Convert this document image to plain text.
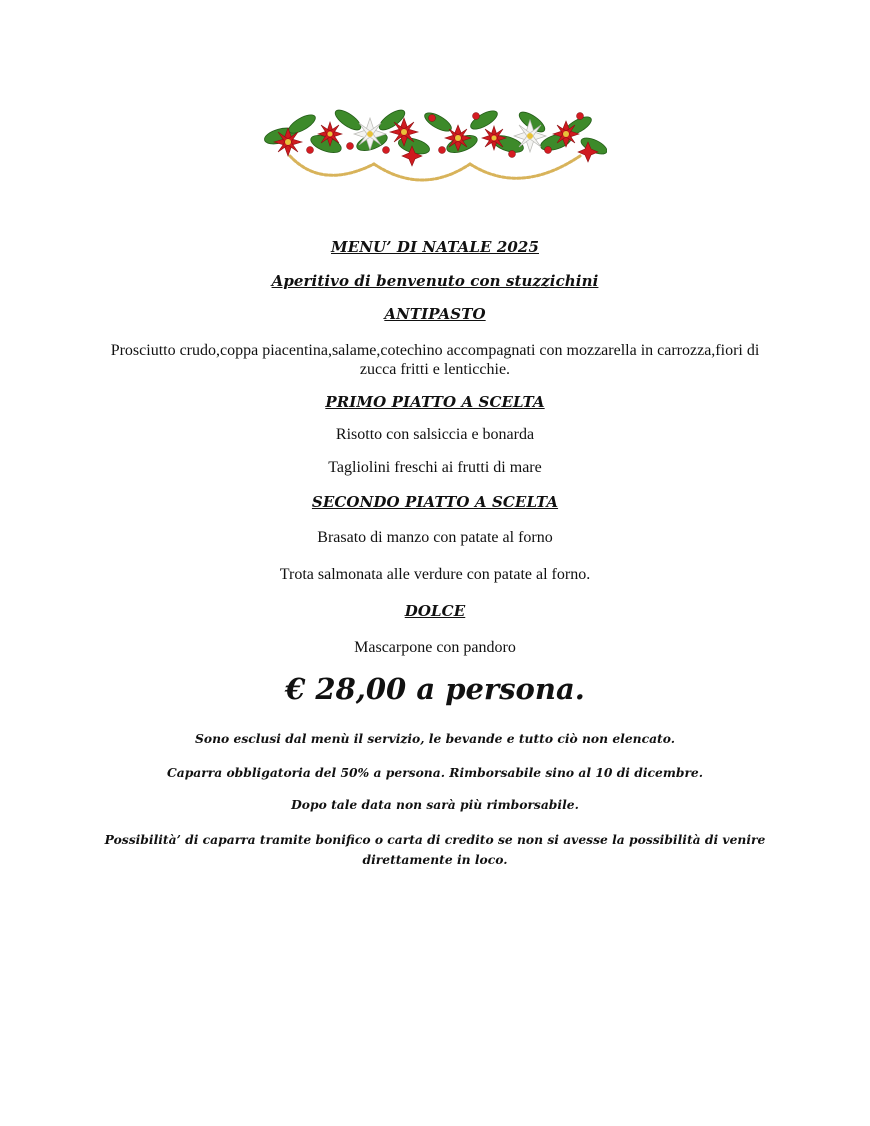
MENU’ DI NATALE 2025
Aperitivo di benvenuto con stuzzichini
ANTIPASTO
Prosciutto crudo,coppa piacentina,salame,cotechino accompagnati con mozzarella in carrozza,fiori di zucca fritti e lenticchie.
PRIMO PIATTO A SCELTA
Risotto con salsiccia e bonarda
Tagliolini freschi ai frutti di mare
SECONDO PIATTO A SCELTA
Brasato di manzo con patate al forno
Trota salmonata alle verdure con patate al forno.
DOLCE
Mascarpone con pandoro
€ 28,00 a persona.
Sono esclusi dal menù il servizio, le bevande e tutto ciò non elencato.
Caparra obbligatoria del 50% a persona. Rimborsabile sino al 10 di dicembre.
Dopo tale data non sarà più rimborsabile.
Possibilità’ di caparra tramite bonifico o carta di credito se non si avesse la possibilità di venire direttamente in loco.
